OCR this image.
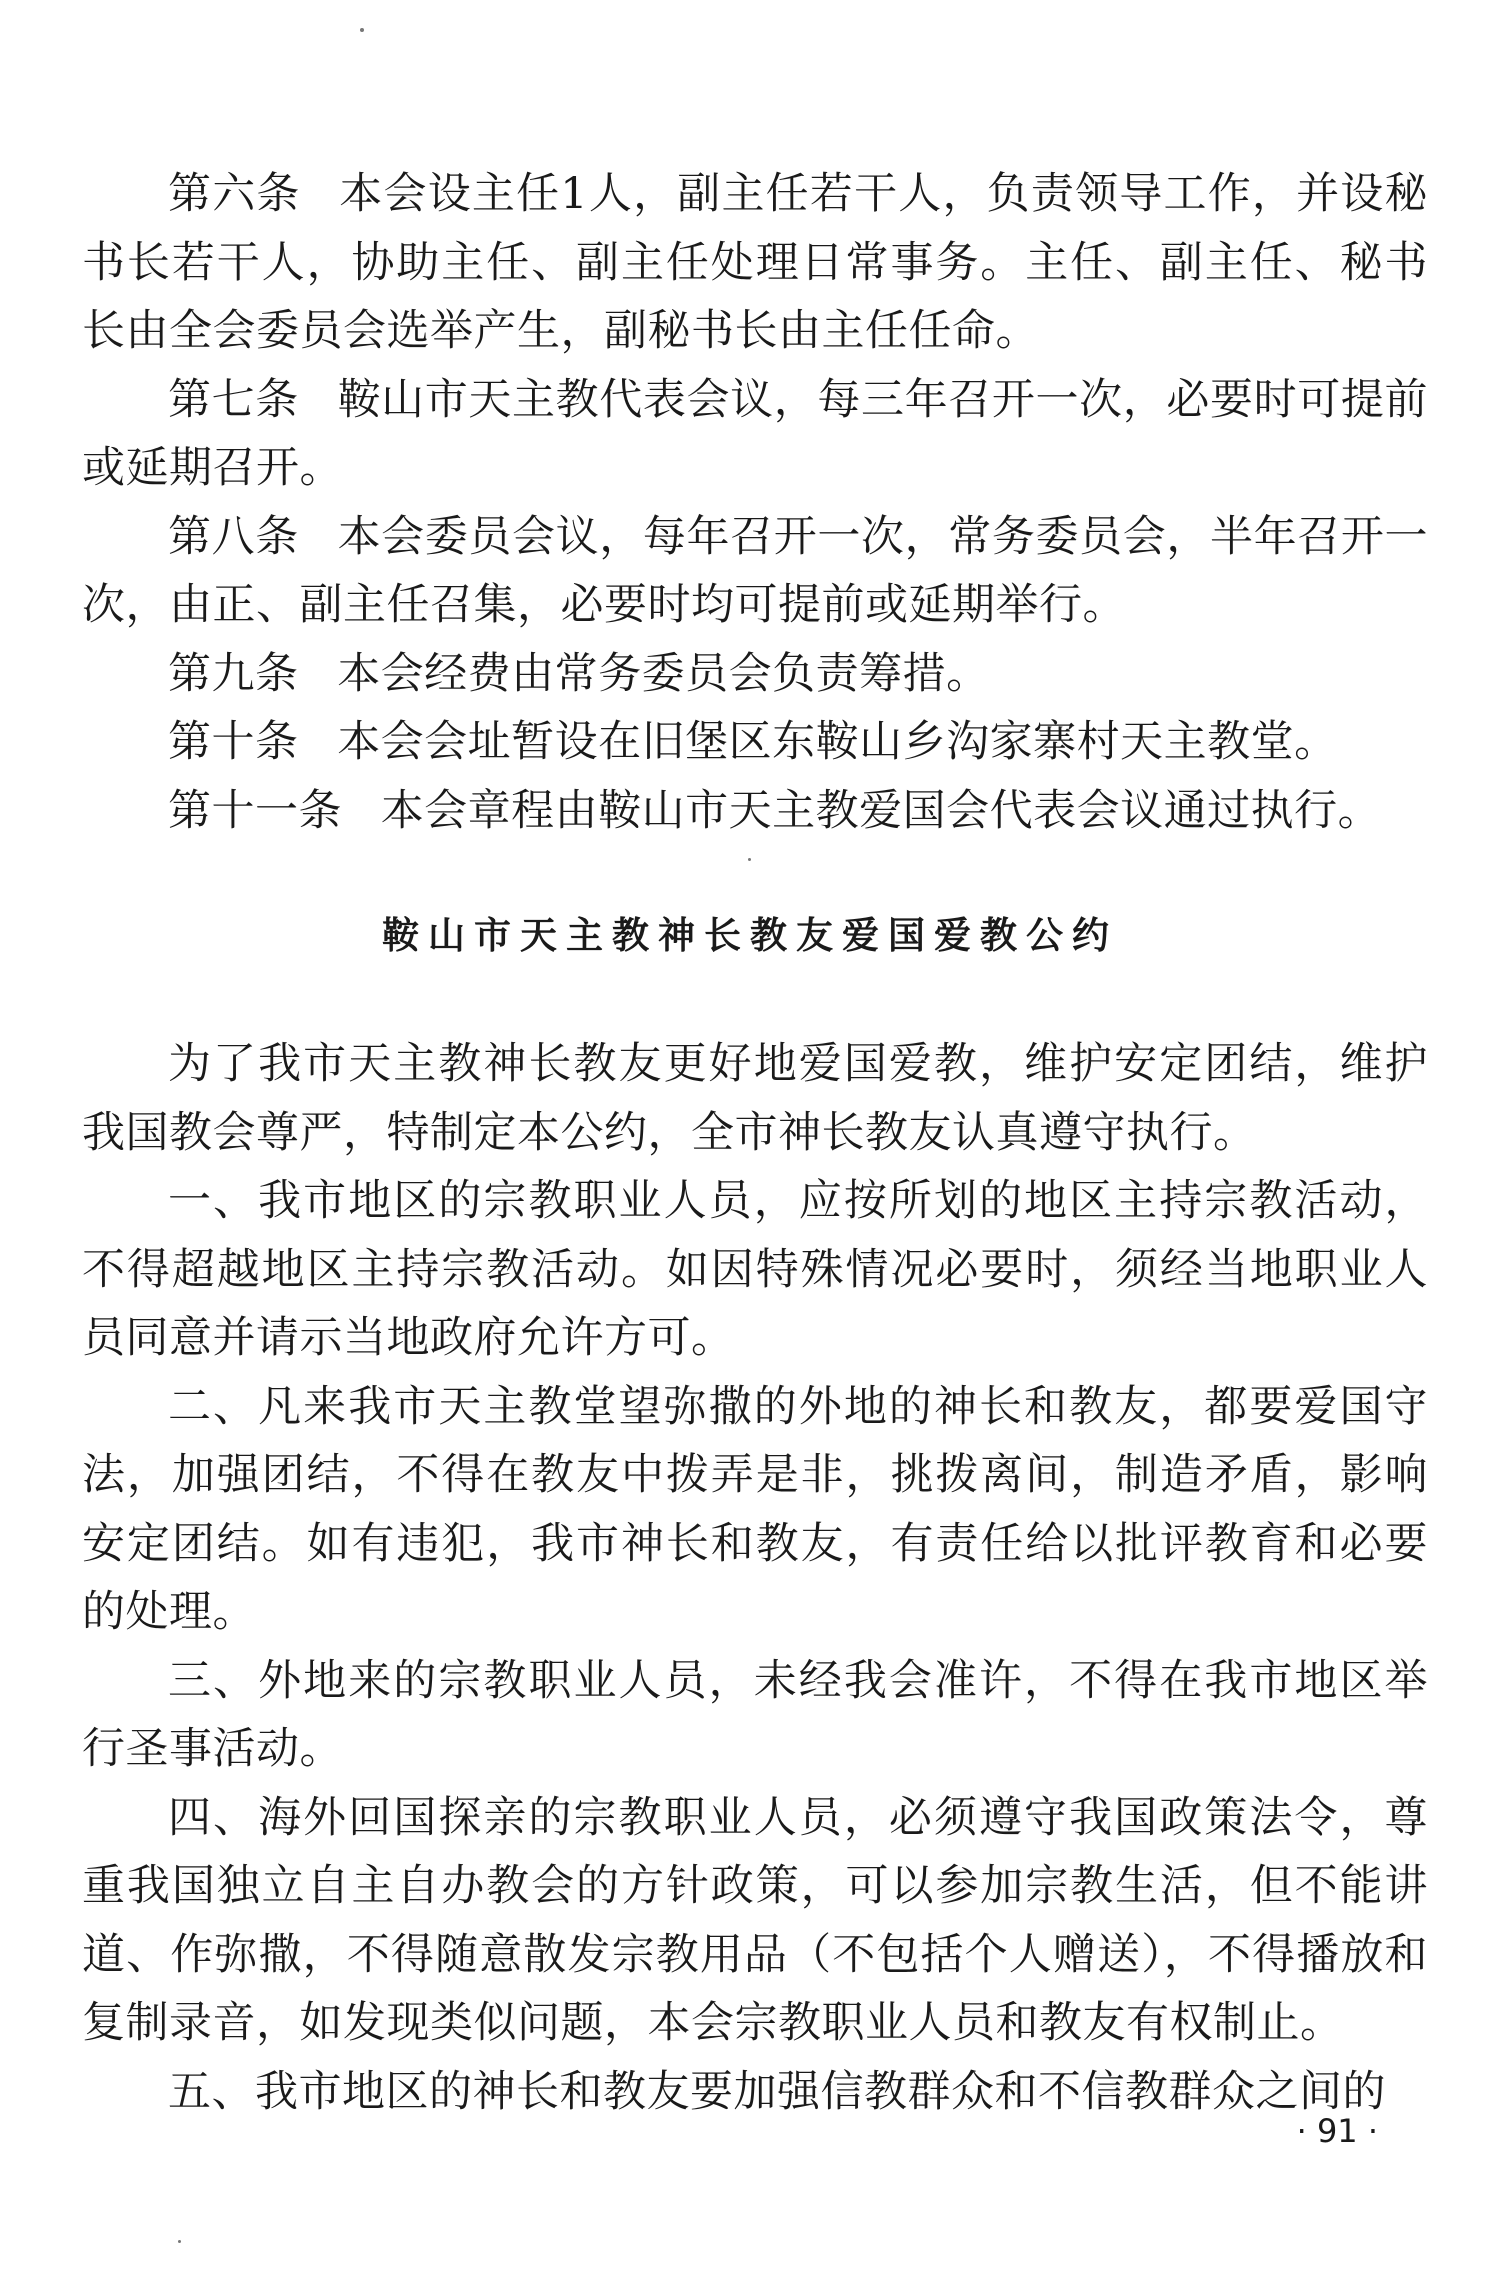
第六条 本会设主任1人，副主任若干人，负责领导工作，并设秘书长若干人，协助主任、副主任处理日常事务。主任、副主任、秘书长由全会委员会选举产生，副秘书长由主任任命。

第七条 鞍山市天主教代表会议，每三年召开一次，必要时可提前或延期召开。

第八条 本会委员会议，每年召开一次，常务委员会，半年召开一次，由正、副主任召集，必要时均可提前或延期举行。

第九条 本会经费由常务委员会负责筹措。

第十条 本会会址暂设在旧堡区东鞍山乡沟家寨村天主教堂。

第十一条 本会章程由鞍山市天主教爱国会代表会议通过执行。

鞍山市天主教神长教友爱国爱教公约

为了我市天主教神长教友更好地爱国爱教，维护安定团结，维护我国教会尊严，特制定本公约，全市神长教友认真遵守执行。

一、我市地区的宗教职业人员，应按所划的地区主持宗教活动，不得超越地区主持宗教活动。如因特殊情况必要时，须经当地职业人员同意并请示当地政府允许方可。

二、凡来我市天主教堂望弥撒的外地的神长和教友，都要爱国守法，加强团结，不得在教友中拨弄是非，挑拨离间，制造矛盾，影响安定团结。如有违犯，我市神长和教友，有责任给以批评教育和必要的处理。

三、外地来的宗教职业人员，未经我会准许，不得在我市地区举行圣事活动。

四、海外回国探亲的宗教职业人员，必须遵守我国政策法令，尊重我国独立自主自办教会的方针政策，可以参加宗教生活，但不能讲道、作弥撒，不得随意散发宗教用品（不包括个人赠送），不得播放和复制录音，如发现类似问题，本会宗教职业人员和教友有权制止。

五、我市地区的神长和教友要加强信教群众和不信教群众之间的

· 91 ·
